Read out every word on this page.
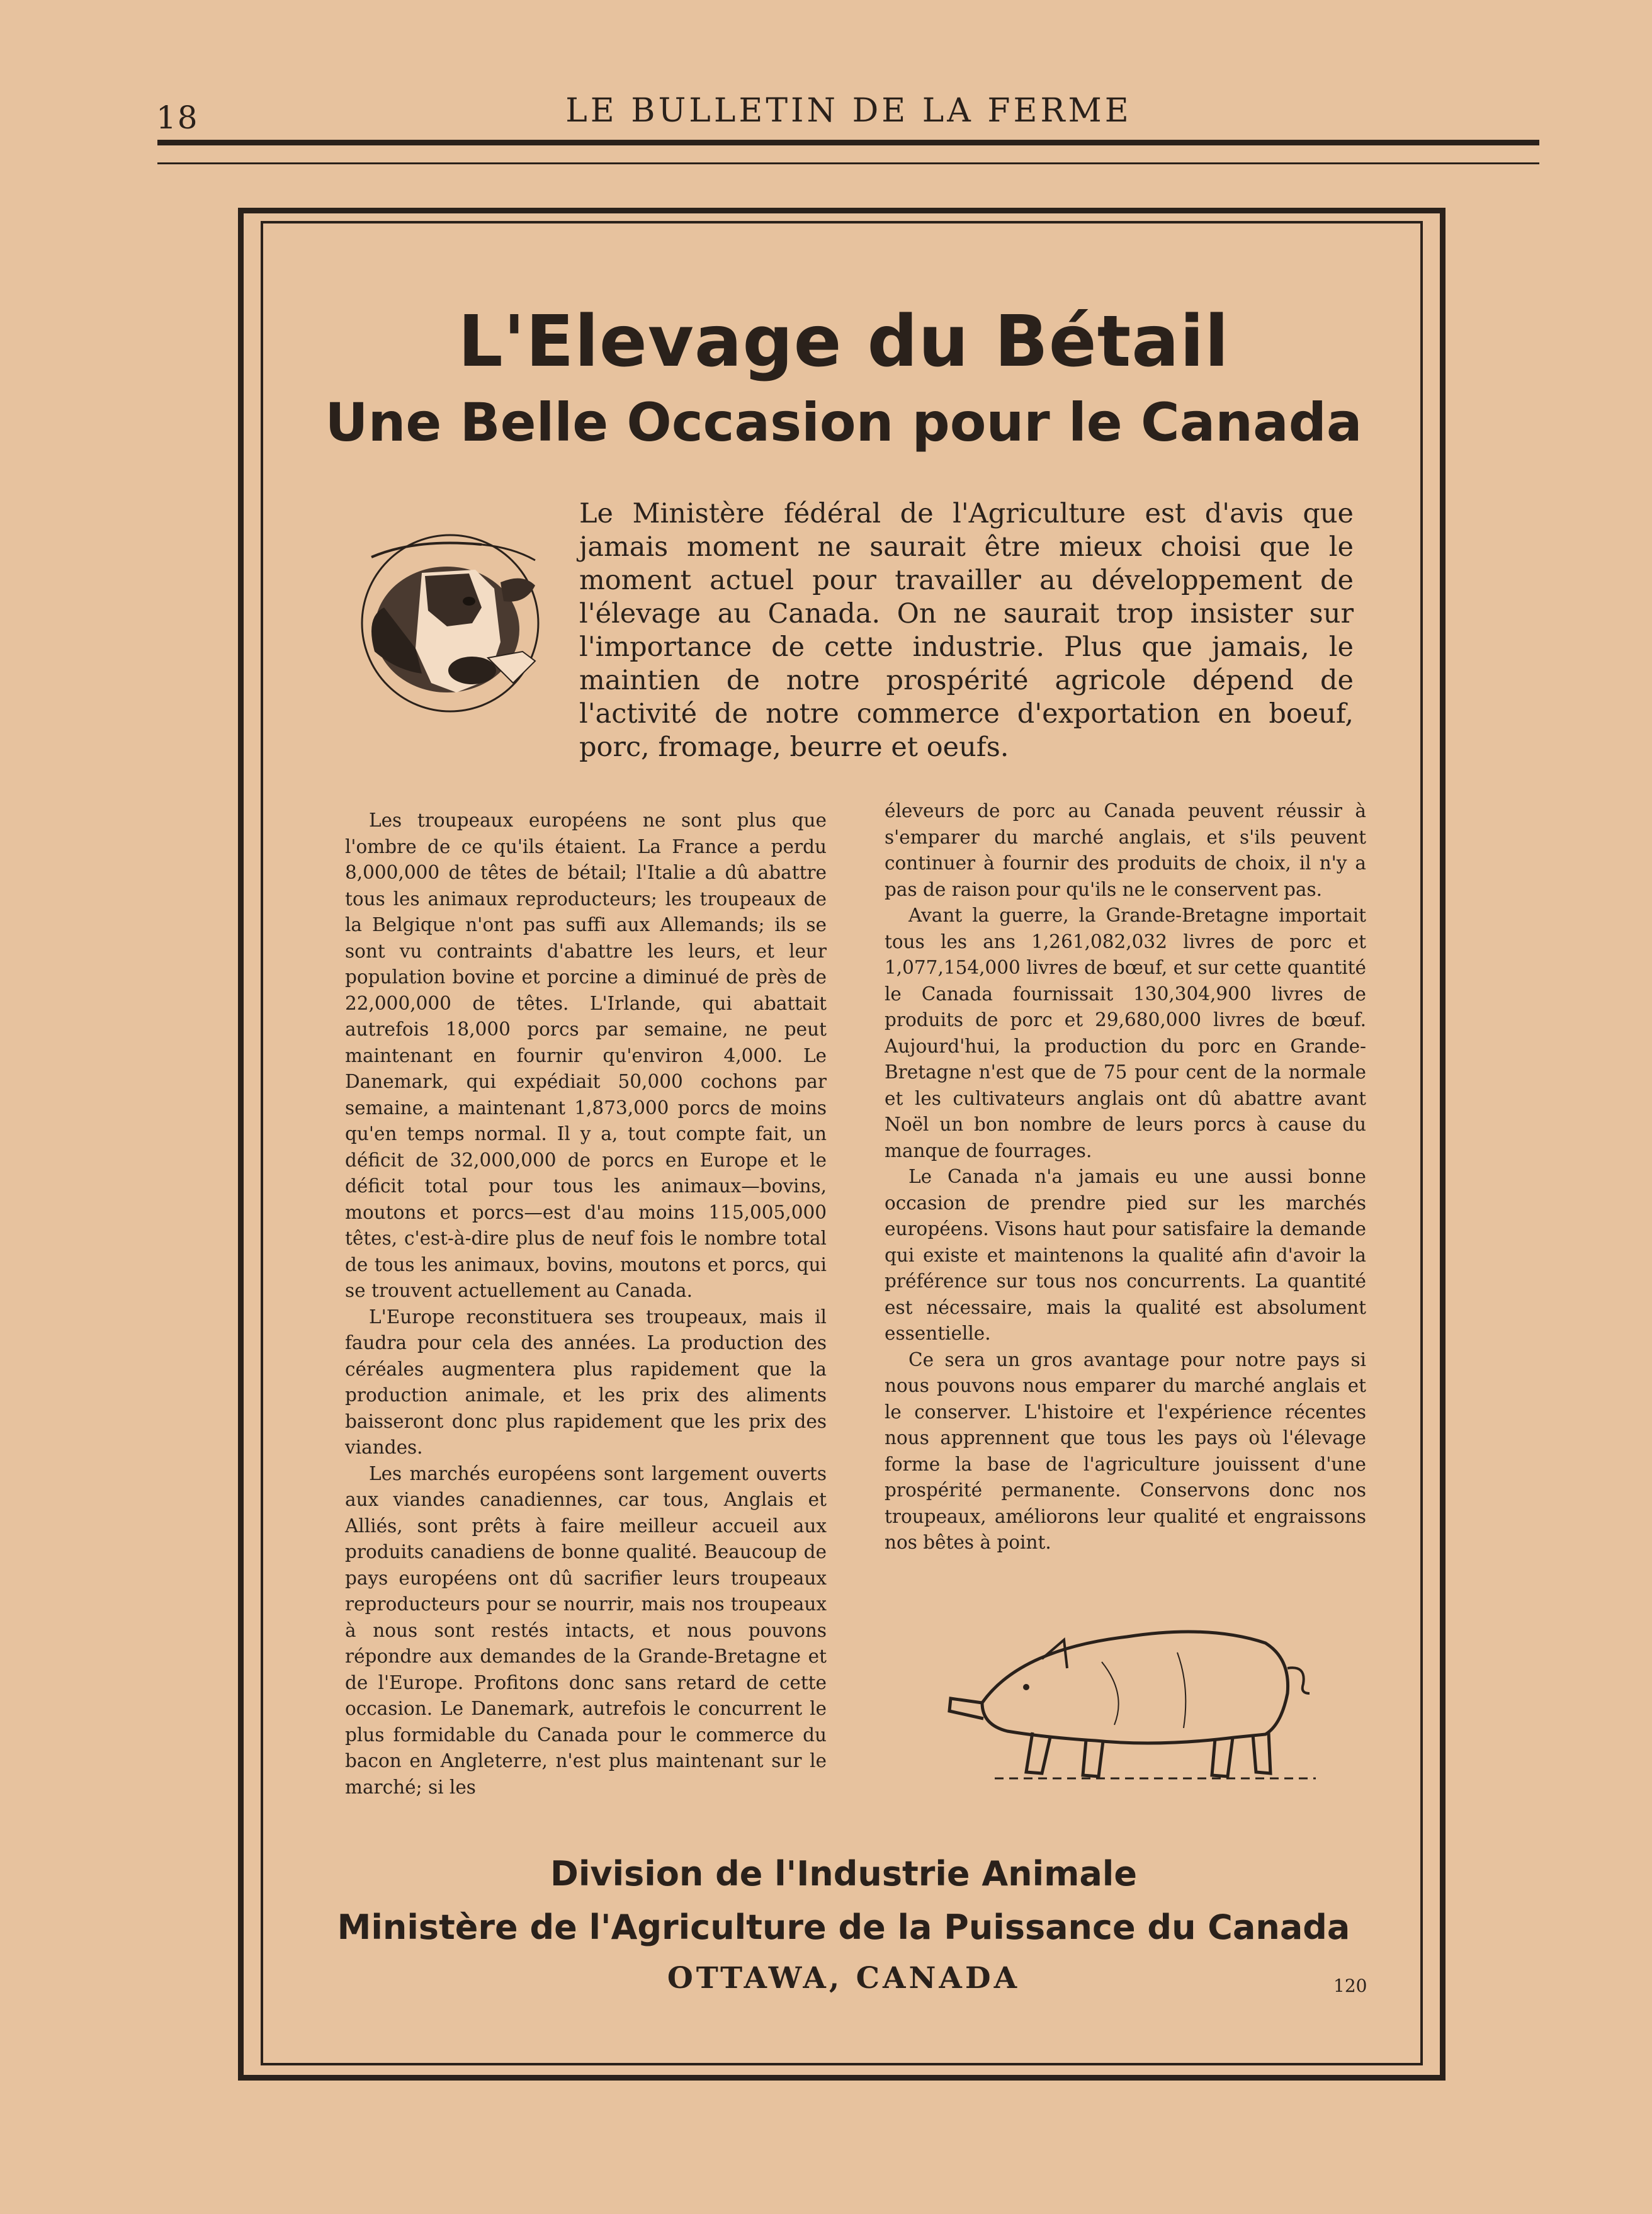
18	LE BULLETIN DE LA FERME
L'Elevage du Bétail
Une Belle Occasion pour le Canada

Le Ministère fédéral de l'Agriculture est d'avis que jamais moment ne saurait être mieux choisi que le moment actuel pour travailler au développement de l'élevage au Canada. On ne saurait trop insister sur l'importance de cette industrie. Plus que jamais, le maintien de notre prospérité agricole dépend de l'activité de notre commerce d'exportation en boeuf, porc, fromage, beurre et oeufs.

Les troupeaux européens ne sont plus que l'ombre de ce qu'ils étaient. La France a perdu 8,000,000 de têtes de bétail; l'Italie a dû abattre tous les animaux reproducteurs; les troupeaux de la Belgique n'ont pas suffi aux Allemands; ils se sont vu contraints d'abattre les leurs, et leur population bovine et porcine a diminué de près de 22,000,000 de têtes. L'Irlande, qui abattait autrefois 18,000 porcs par semaine, ne peut maintenant en fournir qu'environ 4,000. Le Danemark, qui expédiait 50,000 cochons par semaine, a maintenant 1,873,000 porcs de moins qu'en temps normal. Il y a, tout compte fait, un déficit de 32,000,000 de porcs en Europe et le déficit total pour tous les animaux—bovins, moutons et porcs—est d'au moins 115,005,000 têtes, c'est-à-dire plus de neuf fois le nombre total de tous les animaux, bovins, moutons et porcs, qui se trouvent actuellement au Canada.

L'Europe reconstituera ses troupeaux, mais il faudra pour cela des années. La production des céréales augmentera plus rapidement que la production animale, et les prix des aliments baisseront donc plus rapidement que les prix des viandes.

Les marchés européens sont largement ouverts aux viandes canadiennes, car tous, Anglais et Alliés, sont prêts à faire meilleur accueil aux produits canadiens de bonne qualité. Beaucoup de pays européens ont dû sacrifier leurs troupeaux reproducteurs pour se nourrir, mais nos troupeaux à nous sont restés intacts, et nous pouvons répondre aux demandes de la Grande-Bretagne et de l'Europe. Profitons donc sans retard de cette occasion. Le Danemark, autrefois le concurrent le plus formidable du Canada pour le commerce du bacon en Angleterre, n'est plus maintenant sur le marché; si les

éleveurs de porc au Canada peuvent réussir à s'emparer du marché anglais, et s'ils peuvent continuer à fournir des produits de choix, il n'y a pas de raison pour qu'ils ne le conservent pas.

Avant la guerre, la Grande-Bretagne importait tous les ans 1,261,082,032 livres de porc et 1,077,154,000 livres de bœuf, et sur cette quantité le Canada fournissait 130,304,900 livres de produits de porc et 29,680,000 livres de bœuf. Aujourd'hui, la production du porc en Grande-Bretagne n'est que de 75 pour cent de la normale et les cultivateurs anglais ont dû abattre avant Noël un bon nombre de leurs porcs à cause du manque de fourrages.

Le Canada n'a jamais eu une aussi bonne occasion de prendre pied sur les marchés européens. Visons haut pour satisfaire la demande qui existe et maintenons la qualité afin d'avoir la préférence sur tous nos concurrents. La quantité est nécessaire, mais la qualité est absolument essentielle.

Ce sera un gros avantage pour notre pays si nous pouvons nous emparer du marché anglais et le conserver. L'histoire et l'expérience récentes nous apprennent que tous les pays où l'élevage forme la base de l'agriculture jouissent d'une prospérité permanente. Conservons donc nos troupeaux, améliorons leur qualité et engraissons nos bêtes à point.

Division de l'Industrie Animale
Ministère de l'Agriculture de la Puissance du Canada
OTTAWA, CANADA	120
